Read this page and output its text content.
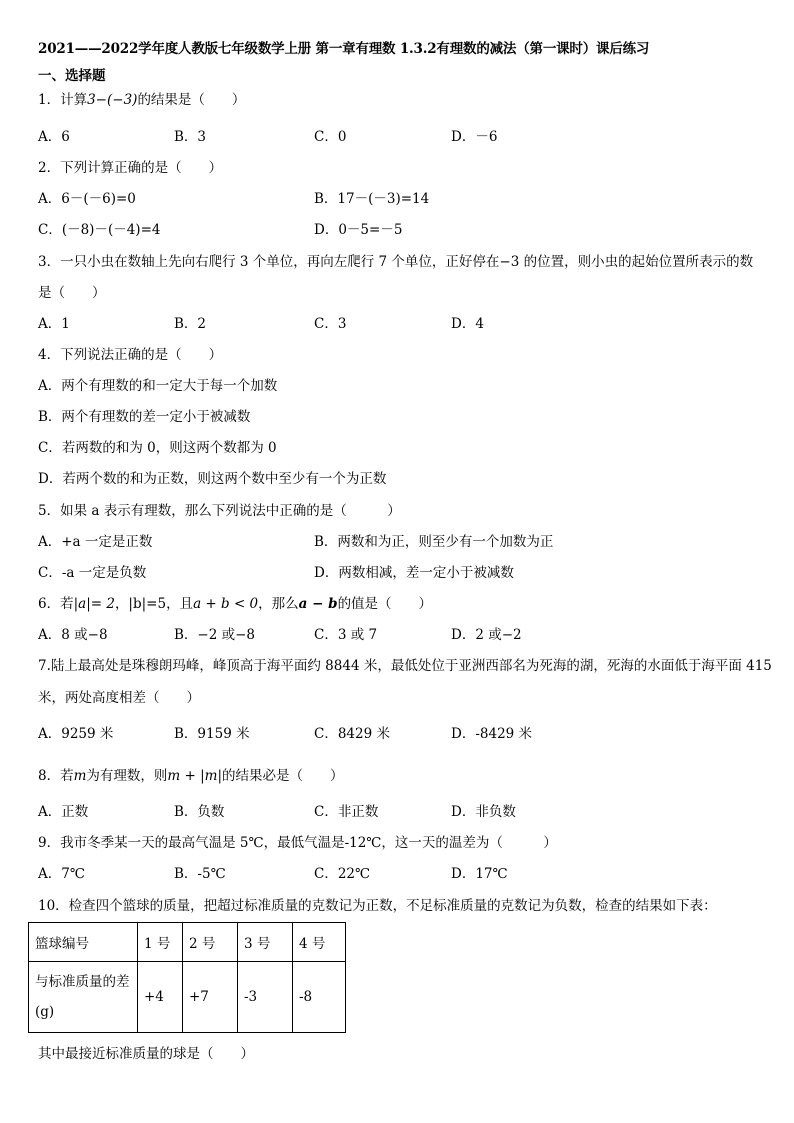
2021——2022学年度人教版七年级数学上册 第一章有理数 1.3.2有理数的减法（第一课时）课后练习
一、选择题
1．计算3−(−3)的结果是（　　）
A．6	B．3	C．0	D．－6
2．下列计算正确的是（　　）
A．6－(－6)=0	B．17－(－3)=14
C．(－8)－(－4)=4	D．0－5=－5
3．一只小虫在数轴上先向右爬行 3 个单位，再向左爬行 7 个单位，正好停在−3 的位置，则小虫的起始位置所表示的数
是（　　）
A．1	B．2	C．3	D．4
4．下列说法正确的是（　　）
A．两个有理数的和一定大于每一个加数
B．两个有理数的差一定小于被减数
C．若两数的和为 0，则这两个数都为 0
D．若两个数的和为正数，则这两个数中至少有一个为正数
5．如果 a 表示有理数，那么下列说法中正确的是（　　　）
A．+a 一定是正数	B．两数和为正，则至少有一个加数为正
C．-a 一定是负数	D．两数相减，差一定小于被减数
6．若|a|= 2，|b|=5，且a + b < 0，那么a − b的值是（　　）
A．8 或−8	B．−2 或−8	C．3 或 7	D．2 或−2
7.陆上最高处是珠穆朗玛峰，峰顶高于海平面约 8844 米，最低处位于亚洲西部名为死海的湖，死海的水面低于海平面 415
米，两处高度相差（　　）
A．9259 米	B．9159 米	C．8429 米	D．-8429 米
8．若m为有理数，则m + |m|的结果必是（　　）
A．正数	B．负数	C．非正数	D．非负数
9．我市冬季某一天的最高气温是 5℃，最低气温是-12℃，这一天的温差为（　　　）
A．7℃	B．-5℃	C．22℃	D．17℃
10．检查四个篮球的质量，把超过标准质量的克数记为正数，不足标准质量的克数记为负数，检查的结果如下表：
篮球编号	1 号	2 号	3 号	4 号
与标准质量的差(g)	+4	+7	-3	-8
其中最接近标准质量的球是（　　）
